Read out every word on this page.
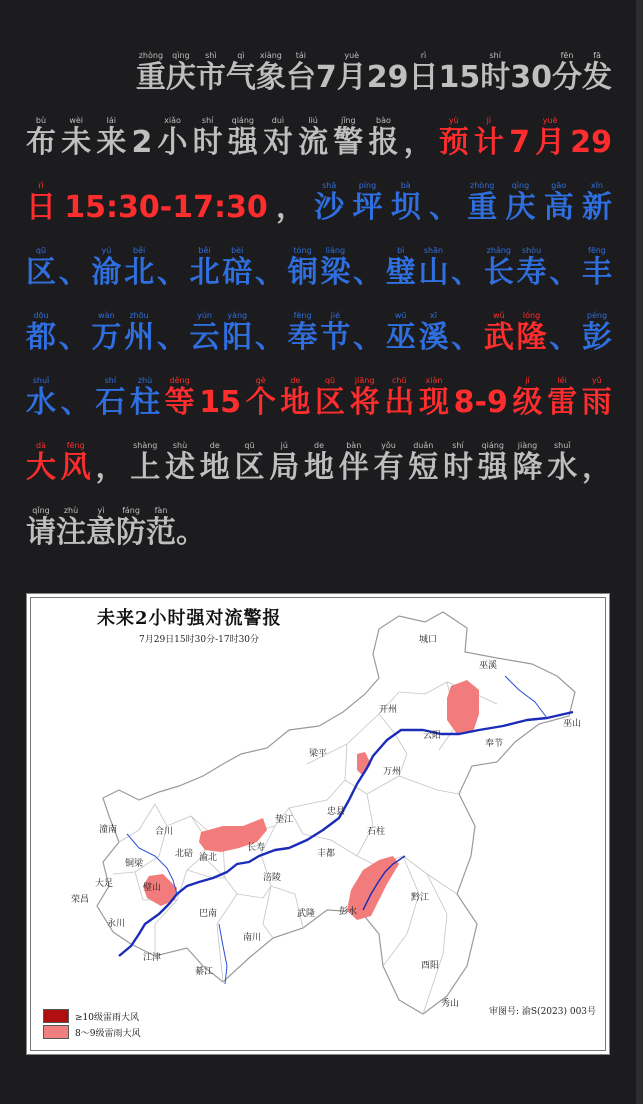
重zhòng
庆qìng
市shì
气qì
象xiàng
台tái
7 月yuè
29 日rì
15 时shí
30 分fēn
发fā
布bù
未wèi
来lái
2 小xiǎo
时shí
强qiáng
对duì
流liú
警jǐng
报bào
， 预yù
计jì
7 月yuè
29
日rì
15:30-17:30 ， 沙shā
坪píng
坝bà
、 重zhòng
庆qìng
高gāo
新xīn
区qū
、 渝yú
北běi
、 北běi
碚bèi
、 铜tóng
梁liáng
、 璧bì
山shān
、 长zhǎng
寿shòu
、 丰fēng
都dōu
、 万wàn
州zhōu
、 云yún
阳yáng
、 奉fèng
节jié
、 巫wū
溪xī
、 武wǔ
隆lóng
、 彭péng
水shuǐ
、 石shí
柱zhù
等děng
15 个gè
地de
区qū
将jiāng
出chū
现xiàn
8-9 级jí
雷léi
雨yǔ
大dà
风fēng
， 上shàng
述shù
地de
区qū
局jú
地de
伴bàn
有yǒu
短duǎn
时shí
强qiáng
降jiàng
水shuǐ
，
请qǐng
注zhù
意yì
防fáng
范fàn
。
城口
巫溪
开州
云阳
巫山
奉节
梁平
万州
忠县
垫江
石柱
长寿
丰都
涪陵
潼南	合川
北碚 渝北
铜梁
大足	璧山
荣昌
永川
巴南
江津
綦江
南川
武隆	彭水
黔江
酉阳
秀山
未来2小时强对流警报
7月29日15时30分-17时30分
≥10级雷雨大风
8～9级雷雨大风
审图号: 渝S(2023) 003号
